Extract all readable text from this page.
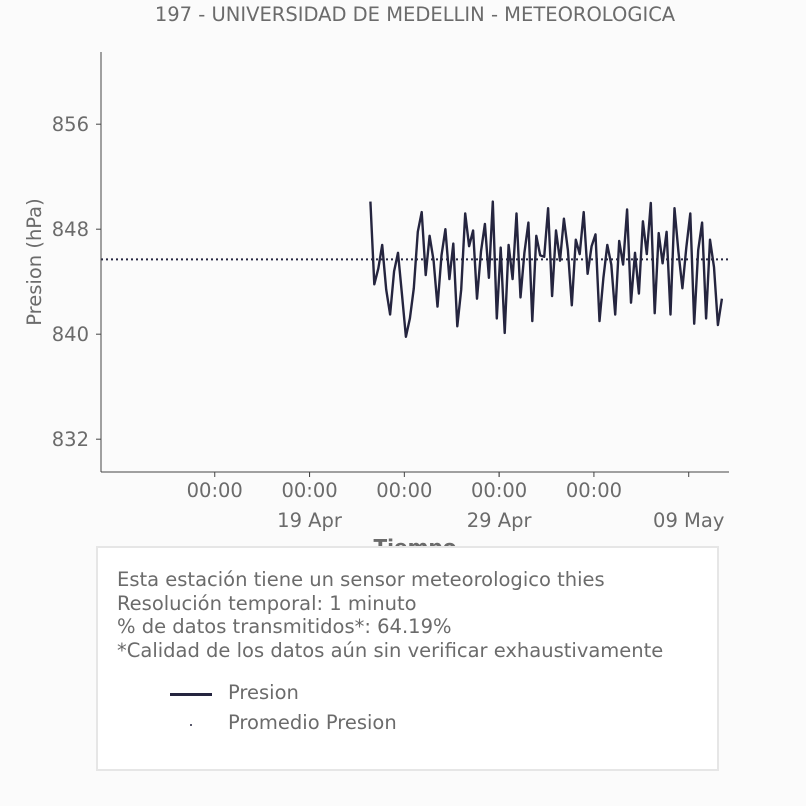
197 - UNIVERSIDAD DE MEDELLIN - METEOROLOGICA
832
840
848
856
00:00 00:00 00:00 00:00 00:00
19 Apr	29 Apr	09 May
Presion (hPa)
Esta estación tiene un sensor meteorologico thies
Resolución temporal: 1 minuto
% de datos transmitidos*: 64.19%
*Calidad de los datos aún sin verificar exhaustivamente
Presion
Promedio Presion
